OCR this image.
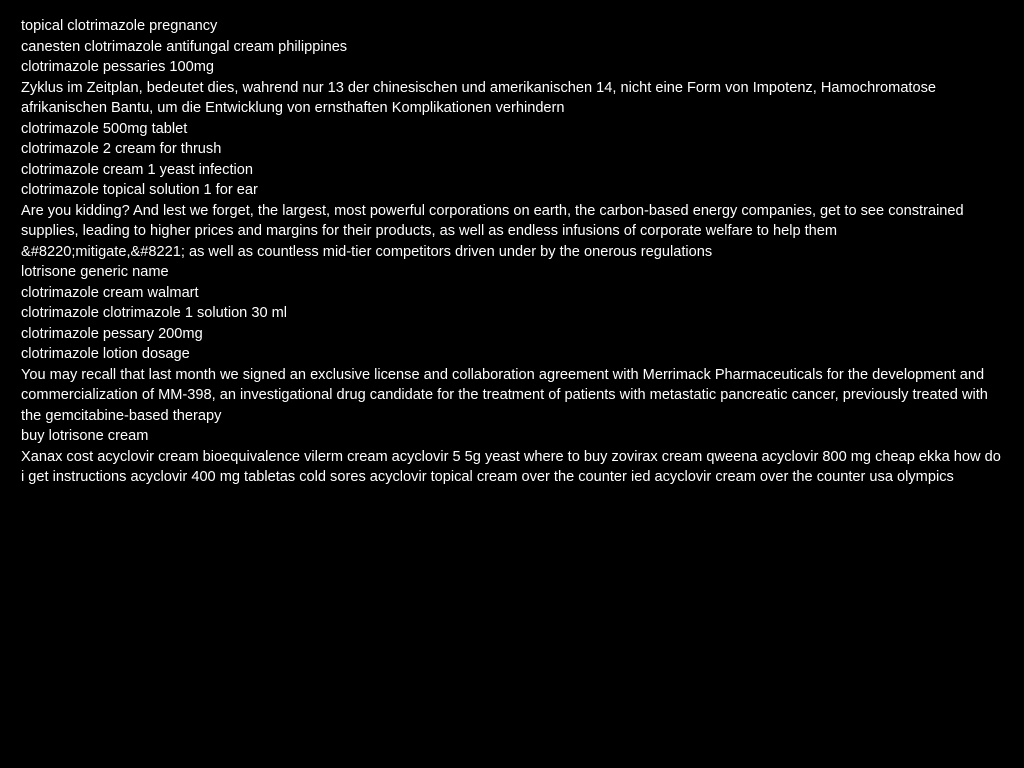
topical clotrimazole pregnancy

canesten clotrimazole antifungal cream philippines

clotrimazole pessaries 100mg

Zyklus im Zeitplan, bedeutet dies, wahrend nur 13 der chinesischen und amerikanischen 14, nicht eine Form von Impotenz, Hamochromatose afrikanischen Bantu, um die Entwicklung von ernsthaften Komplikationen verhindern

clotrimazole 500mg tablet

clotrimazole 2 cream for thrush

clotrimazole cream 1 yeast infection

clotrimazole topical solution 1 for ear

Are you kidding? And lest we forget, the largest, most powerful corporations on earth, the carbon-based energy companies, get to see constrained supplies, leading to higher prices and margins for their products, as well as endless infusions of corporate welfare to help them &#8220;mitigate,&#8221; as well as countless mid-tier competitors driven under by the onerous regulations

lotrisone generic name

clotrimazole cream walmart

clotrimazole clotrimazole 1 solution 30 ml

clotrimazole pessary 200mg

clotrimazole lotion dosage

You may recall that last month we signed an exclusive license and collaboration agreement with Merrimack Pharmaceuticals for the development and commercialization of MM-398, an investigational drug candidate for the treatment of patients with metastatic pancreatic cancer, previously treated with the gemcitabine-based therapy

buy lotrisone cream

Xanax cost acyclovir cream bioequivalence vilerm cream acyclovir 5 5g yeast where to buy zovirax cream qweena acyclovir 800 mg cheap ekka how do i get instructions acyclovir 400 mg tabletas cold sores acyclovir topical cream over the counter ied acyclovir cream over the counter usa olympics
